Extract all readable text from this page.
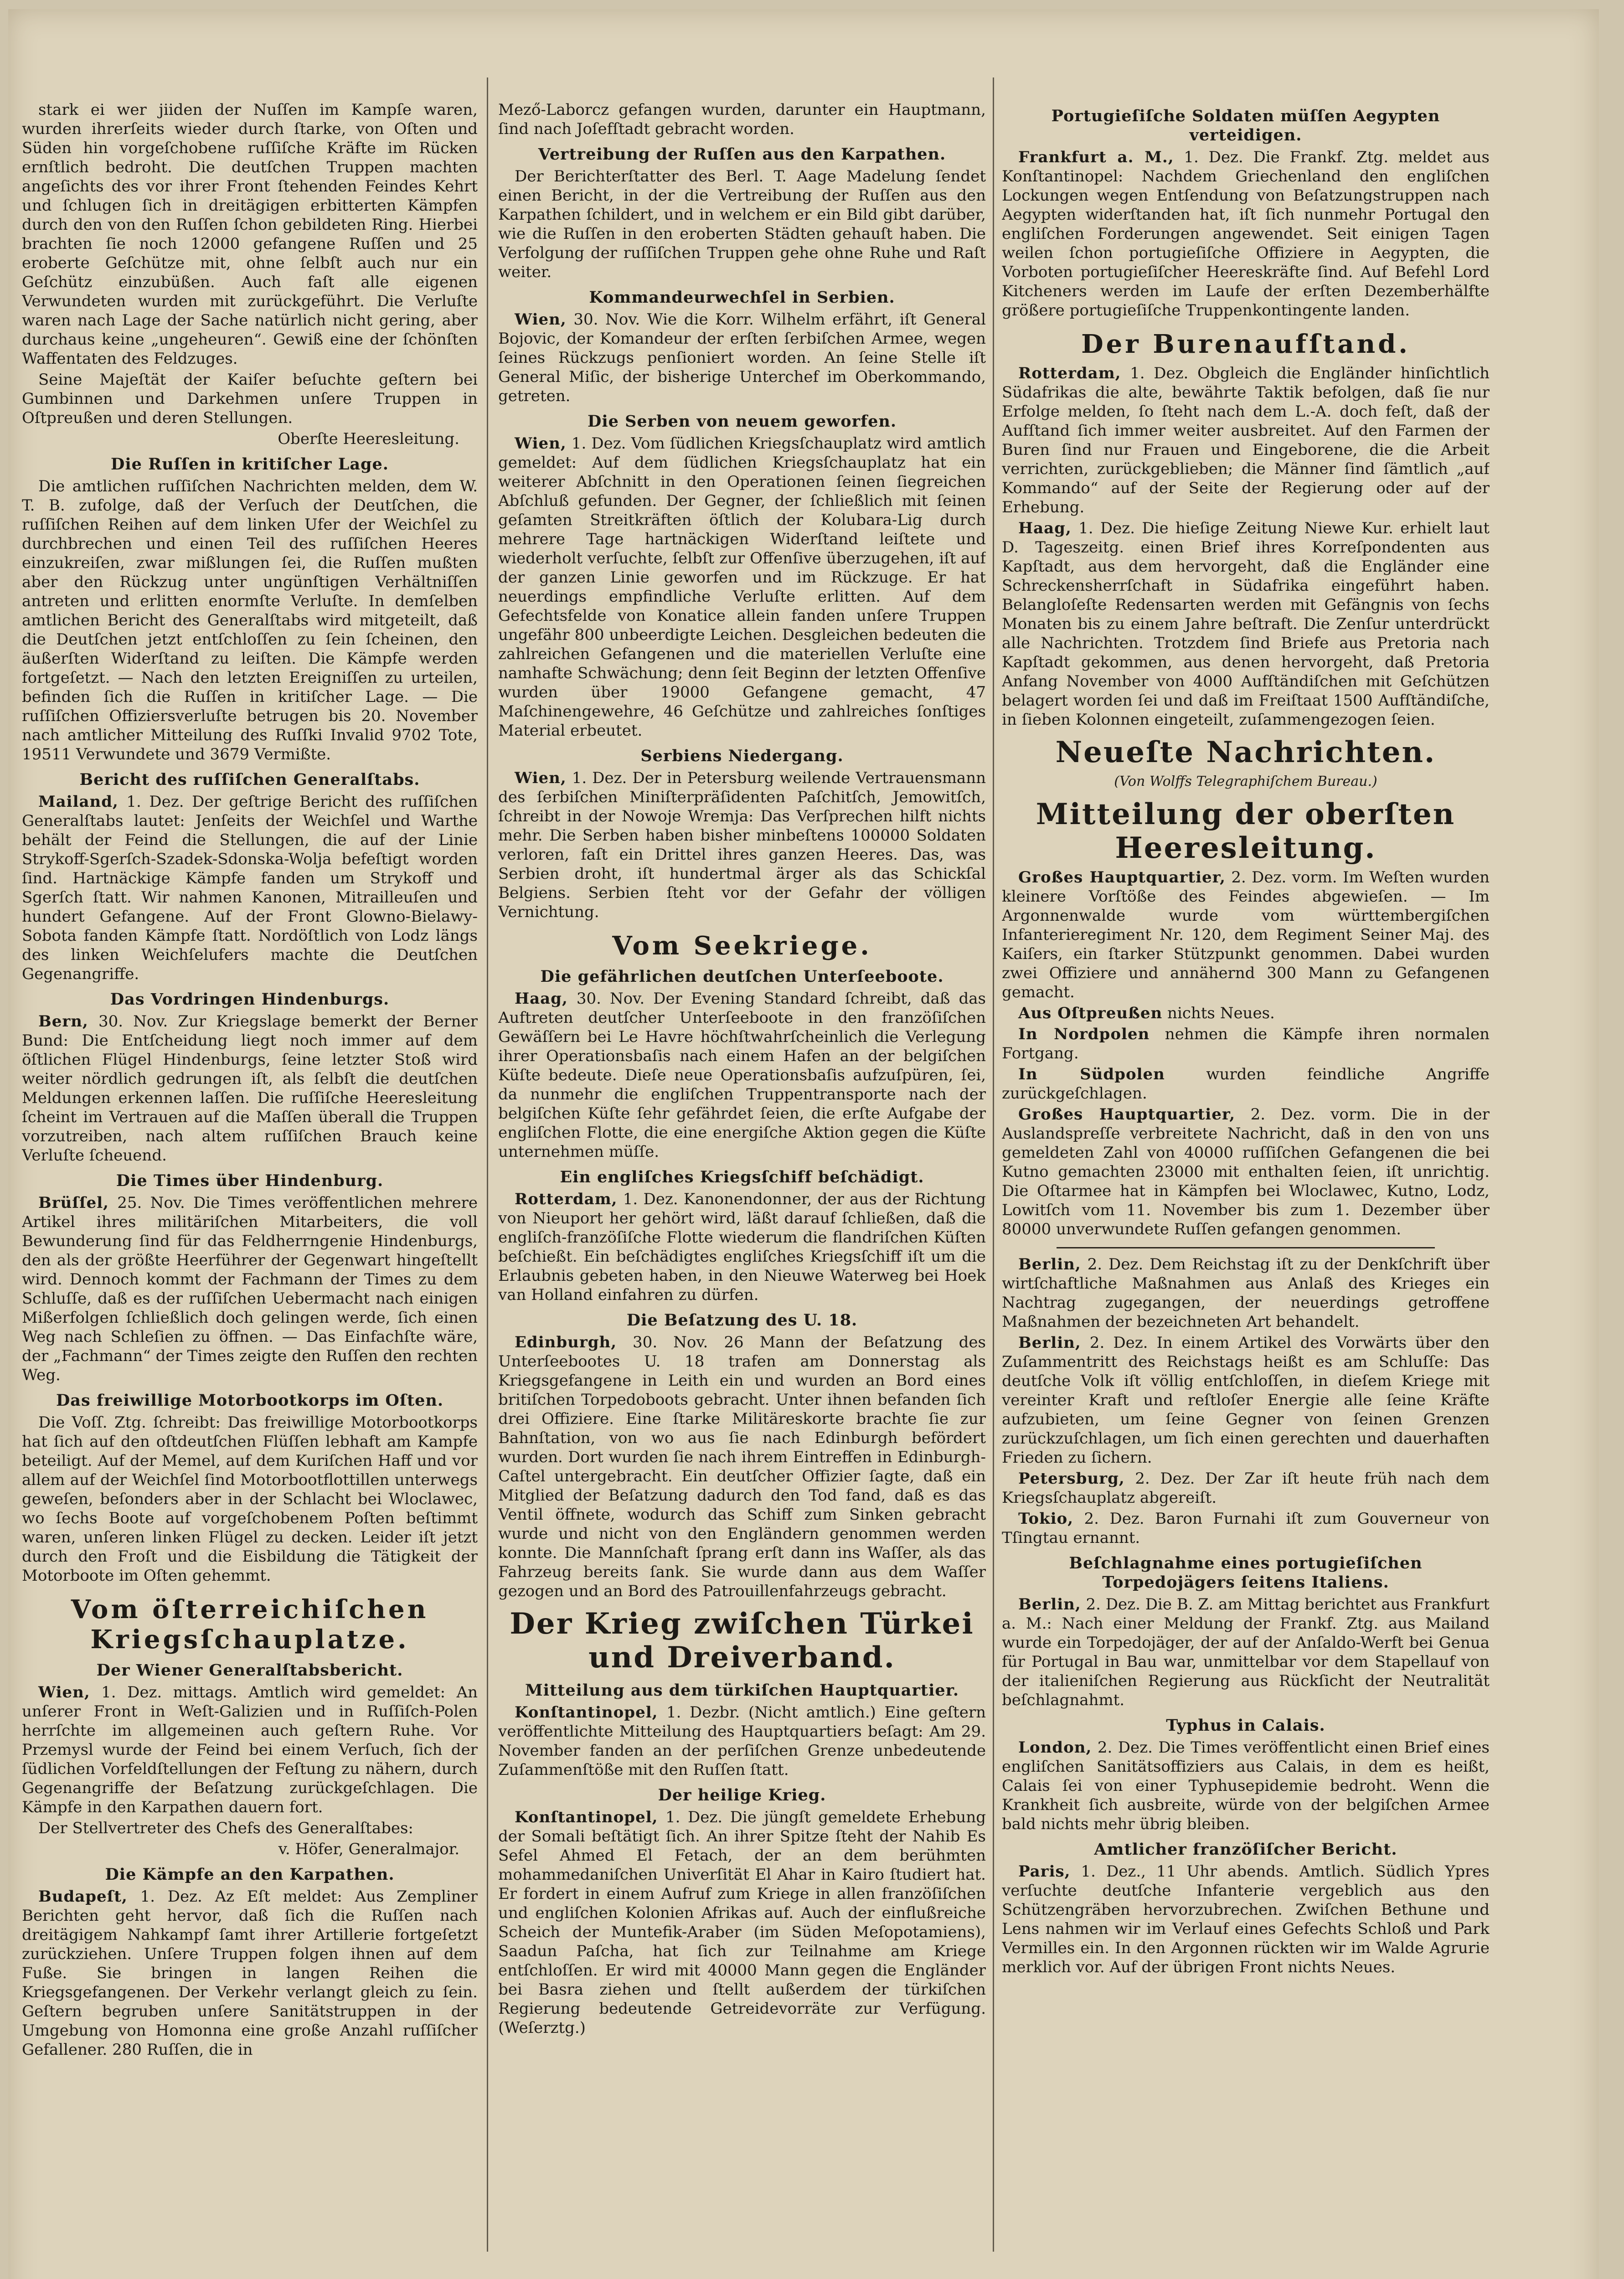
stark ei wer jiiden der Nuſſen im Kampſe waren, wurden ihrerſeits wieder durch ſtarke, von Oſten und Süden hin vorgeſchobene ruſſiſche Kräfte im Rücken ernſtlich bedroht. Die deutſchen Truppen machten angeſichts des vor ihrer Front ſtehenden Feindes Kehrt und ſchlugen ſich in dreitägigen erbitterten Kämpfen durch den von den Ruſſen ſchon gebildeten Ring. Hierbei brachten ſie noch 12000 gefangene Ruſſen und 25 eroberte Geſchütze mit, ohne ſelbſt auch nur ein Geſchütz einzubüßen. Auch faſt alle eigenen Verwundeten wurden mit zurückgeführt. Die Verluſte waren nach Lage der Sache natürlich nicht gering, aber durchaus keine „ungeheuren“. Gewiß eine der ſchönſten Waffentaten des Feldzuges.

Seine Majeſtät der Kaiſer beſuchte geſtern bei Gumbinnen und Darkehmen unſere Truppen in Oſtpreußen und deren Stellungen.

Oberſte Heeresleitung.
Die Ruſſen in kritiſcher Lage.

Die amtlichen ruſſiſchen Nachrichten melden, dem W. T. B. zufolge, daß der Verſuch der Deutſchen, die ruſſiſchen Reihen auf dem linken Ufer der Weichſel zu durchbrechen und einen Teil des ruſſiſchen Heeres einzukreiſen, zwar mißlungen ſei, die Ruſſen mußten aber den Rückzug unter ungünſtigen Verhältniſſen antreten und erlitten enormſte Verluſte. In demſelben amtlichen Bericht des Generalſtabs wird mitgeteilt, daß die Deutſchen jetzt entſchloſſen zu ſein ſcheinen, den äußerſten Widerſtand zu leiſten. Die Kämpfe werden fortgeſetzt. — Nach den letzten Ereigniſſen zu urteilen, befinden ſich die Ruſſen in kritiſcher Lage. — Die ruſſiſchen Offiziersverluſte betrugen bis 20. November nach amtlicher Mitteilung des Ruſſki Invalid 9702 Tote, 19511 Verwundete und 3679 Vermißte.

Bericht des ruſſiſchen Generalſtabs.

Mailand, 1. Dez. Der geſtrige Bericht des ruſſiſchen Generalſtabs lautet: Jenſeits der Weichſel und Warthe behält der Feind die Stellungen, die auf der Linie Strykoff-Sgerſch-Szadek-Sdonska-Wolja befeſtigt worden ſind. Hartnäckige Kämpfe fanden um Strykoff und Sgerſch ſtatt. Wir nahmen Kanonen, Mitrailleuſen und hundert Gefangene. Auf der Front Glowno-Bielawy-Sobota fanden Kämpfe ſtatt. Nordöſtlich von Lodz längs des linken Weichſelufers machte die Deutſchen Gegenangriffe.

Das Vordringen Hindenburgs.

Bern, 30. Nov. Zur Kriegslage bemerkt der Berner Bund: Die Entſcheidung liegt noch immer auf dem öſtlichen Flügel Hindenburgs, ſeine letzter Stoß wird weiter nördlich gedrungen iſt, als ſelbſt die deutſchen Meldungen erkennen laſſen. Die ruſſiſche Heeresleitung ſcheint im Vertrauen auf die Maſſen überall die Truppen vorzutreiben, nach altem ruſſiſchen Brauch keine Verluſte ſcheuend.

Die Times über Hindenburg.

Brüſſel, 25. Nov. Die Times veröffentlichen mehrere Artikel ihres militäriſchen Mitarbeiters, die voll Bewunderung ſind für das Feldherrngenie Hindenburgs, den als der größte Heerführer der Gegenwart hingeſtellt wird. Dennoch kommt der Fachmann der Times zu dem Schluſſe, daß es der ruſſiſchen Uebermacht nach einigen Mißerfolgen ſchließlich doch gelingen werde, ſich einen Weg nach Schleſien zu öffnen. — Das Einfachſte wäre, der „Fachmann“ der Times zeigte den Ruſſen den rechten Weg.

Das freiwillige Motorbootkorps im Oſten.

Die Voſſ. Ztg. ſchreibt: Das freiwillige Motorbootkorps hat ſich auf den oſtdeutſchen Flüſſen lebhaft am Kampfe beteiligt. Auf der Memel, auf dem Kuriſchen Haff und vor allem auf der Weichſel ſind Motorbootflottillen unterwegs geweſen, beſonders aber in der Schlacht bei Wloclawec, wo ſechs Boote auf vorgeſchobenem Poſten beſtimmt waren, unſeren linken Flügel zu decken. Leider iſt jetzt durch den Froſt und die Eisbildung die Tätigkeit der Motorboote im Oſten gehemmt.

Vom öſterreichiſchen Kriegsſchauplatze.
Der Wiener Generalſtabsbericht.

Wien, 1. Dez. mittags. Amtlich wird gemeldet: An unſerer Front in Weſt-Galizien und in Ruſſiſch-Polen herrſchte im allgemeinen auch geſtern Ruhe. Vor Przemysl wurde der Feind bei einem Verſuch, ſich der ſüdlichen Vorfeldſtellungen der Feſtung zu nähern, durch Gegenangriffe der Beſatzung zurückgeſchlagen. Die Kämpfe in den Karpathen dauern fort.

Der Stellvertreter des Chefs des Generalſtabes:

v. Höfer, Generalmajor.
Die Kämpfe an den Karpathen.

Budapeſt, 1. Dez. Az Eſt meldet: Aus Zempliner Berichten geht hervor, daß ſich die Ruſſen nach dreitägigem Nahkampf ſamt ihrer Artillerie fortgeſetzt zurückziehen. Unſere Truppen folgen ihnen auf dem Fuße. Sie bringen in langen Reihen die Kriegsgefangenen. Der Verkehr verlangt gleich zu ſein. Geſtern begruben unſere Sanitätstruppen in der Umgebung von Homonna eine große Anzahl ruſſiſcher Gefallener. 280 Ruſſen, die in

Mező-Laborcz gefangen wurden, darunter ein Hauptmann, ſind nach Joſefſtadt gebracht worden.

Vertreibung der Ruſſen aus den Karpathen.

Der Berichterſtatter des Berl. T. Aage Madelung ſendet einen Bericht, in der die Vertreibung der Ruſſen aus den Karpathen ſchildert, und in welchem er ein Bild gibt darüber, wie die Ruſſen in den eroberten Städten gehauſt haben. Die Verfolgung der ruſſiſchen Truppen gehe ohne Ruhe und Raſt weiter.

Kommandeurwechſel in Serbien.

Wien, 30. Nov. Wie die Korr. Wilhelm erfährt, iſt General Bojovic, der Komandeur der erſten ſerbiſchen Armee, wegen ſeines Rückzugs penſioniert worden. An ſeine Stelle iſt General Miſic, der bisherige Unterchef im Oberkommando, getreten.

Die Serben von neuem geworfen.

Wien, 1. Dez. Vom ſüdlichen Kriegsſchauplatz wird amtlich gemeldet: Auf dem ſüdlichen Kriegsſchauplatz hat ein weiterer Abſchnitt in den Operationen ſeinen ſiegreichen Abſchluß gefunden. Der Gegner, der ſchließlich mit ſeinen geſamten Streitkräften öſtlich der Kolubara-Lig durch mehrere Tage hartnäckigen Widerſtand leiſtete und wiederholt verſuchte, ſelbſt zur Offenſive überzugehen, iſt auf der ganzen Linie geworfen und im Rückzuge. Er hat neuerdings empfindliche Verluſte erlitten. Auf dem Gefechtsfelde von Konatice allein fanden unſere Truppen ungefähr 800 unbeerdigte Leichen. Desgleichen bedeuten die zahlreichen Gefangenen und die materiellen Verluſte eine namhafte Schwächung; denn ſeit Beginn der letzten Offenſive wurden über 19000 Gefangene gemacht, 47 Maſchinengewehre, 46 Geſchütze und zahlreiches ſonſtiges Material erbeutet.

Serbiens Niedergang.

Wien, 1. Dez. Der in Petersburg weilende Vertrauensmann des ſerbiſchen Miniſterpräſidenten Paſchitſch, Jemowitſch, ſchreibt in der Nowoje Wremja: Das Verſprechen hilft nichts mehr. Die Serben haben bisher minbeſtens 100000 Soldaten verloren, faſt ein Drittel ihres ganzen Heeres. Das, was Serbien droht, iſt hundertmal ärger als das Schickſal Belgiens. Serbien ſteht vor der Gefahr der völligen Vernichtung.

Vom Seekriege.
Die gefährlichen deutſchen Unterſeeboote.

Haag, 30. Nov. Der Evening Standard ſchreibt, daß das Auftreten deutſcher Unterſeeboote in den franzöſiſchen Gewäſſern bei Le Havre höchſtwahrſcheinlich die Verlegung ihrer Operationsbaſis nach einem Hafen an der belgiſchen Küſte bedeute. Dieſe neue Operationsbaſis aufzuſpüren, ſei, da nunmehr die engliſchen Truppentransporte nach der belgiſchen Küſte ſehr gefährdet ſeien, die erſte Aufgabe der engliſchen Flotte, die eine energiſche Aktion gegen die Küſte unternehmen müſſe.

Ein engliſches Kriegsſchiff beſchädigt.

Rotterdam, 1. Dez. Kanonendonner, der aus der Richtung von Nieuport her gehört wird, läßt darauf ſchließen, daß die engliſch-franzöſiſche Flotte wiederum die flandriſchen Küſten beſchießt. Ein beſchädigtes engliſches Kriegsſchiff iſt um die Erlaubnis gebeten haben, in den Nieuwe Waterweg bei Hoek van Holland einfahren zu dürfen.

Die Beſatzung des U. 18.

Edinburgh, 30. Nov. 26 Mann der Beſatzung des Unterſeebootes U. 18 trafen am Donnerstag als Kriegsgefangene in Leith ein und wurden an Bord eines britiſchen Torpedoboots gebracht. Unter ihnen befanden ſich drei Offiziere. Eine ſtarke Militäreskorte brachte ſie zur Bahnſtation, von wo aus ſie nach Edinburgh befördert wurden. Dort wurden ſie nach ihrem Eintreffen in Edinburgh-Caſtel untergebracht. Ein deutſcher Offizier ſagte, daß ein Mitglied der Beſatzung dadurch den Tod fand, daß es das Ventil öffnete, wodurch das Schiff zum Sinken gebracht wurde und nicht von den Engländern genommen werden konnte. Die Mannſchaft ſprang erſt dann ins Waſſer, als das Fahrzeug bereits ſank. Sie wurde dann aus dem Waſſer gezogen und an Bord des Patrouillenfahrzeugs gebracht.

Der Krieg zwiſchen Türkei und Dreiverband.
Mitteilung aus dem türkiſchen Hauptquartier.

Konſtantinopel, 1. Dezbr. (Nicht amtlich.) Eine geſtern veröffentlichte Mitteilung des Hauptquartiers beſagt: Am 29. November fanden an der perſiſchen Grenze unbedeutende Zuſammenſtöße mit den Ruſſen ſtatt.

Der heilige Krieg.

Konſtantinopel, 1. Dez. Die jüngſt gemeldete Erhebung der Somali beſtätigt ſich. An ihrer Spitze ſteht der Nahib Es Sefel Ahmed El Fetach, der an dem berühmten mohammedaniſchen Univerſität El Ahar in Kairo ſtudiert hat. Er fordert in einem Aufruf zum Kriege in allen franzöſiſchen und engliſchen Kolonien Afrikas auf. Auch der einflußreiche Scheich der Muntefik-Araber (im Süden Meſopotamiens), Saadun Paſcha, hat ſich zur Teilnahme am Kriege entſchloſſen. Er wird mit 40000 Mann gegen die Engländer bei Basra ziehen und ſtellt außerdem der türkiſchen Regierung bedeutende Getreidevorräte zur Verfügung. (Weſerztg.)

Portugieſiſche Soldaten müſſen Aegypten verteidigen.

Frankfurt a. M., 1. Dez. Die Frankf. Ztg. meldet aus Konſtantinopel: Nachdem Griechenland den engliſchen Lockungen wegen Entſendung von Beſatzungstruppen nach Aegypten widerſtanden hat, iſt ſich nunmehr Portugal den engliſchen Forderungen angewendet. Seit einigen Tagen weilen ſchon portugieſiſche Offiziere in Aegypten, die Vorboten portugieſiſcher Heereskräfte ſind. Auf Befehl Lord Kitcheners werden im Laufe der erſten Dezemberhälfte größere portugieſiſche Truppenkontingente landen.

Der Burenaufſtand.

Rotterdam, 1. Dez. Obgleich die Engländer hinſichtlich Südafrikas die alte, bewährte Taktik befolgen, daß ſie nur Erfolge melden, ſo ſteht nach dem L.-A. doch feſt, daß der Aufſtand ſich immer weiter ausbreitet. Auf den Farmen der Buren ſind nur Frauen und Eingeborene, die die Arbeit verrichten, zurückgeblieben; die Männer ſind ſämtlich „auf Kommando“ auf der Seite der Regierung oder auf der Erhebung.

Haag, 1. Dez. Die hieſige Zeitung Niewe Kur. erhielt laut D. Tageszeitg. einen Brief ihres Korreſpondenten aus Kapſtadt, aus dem hervorgeht, daß die Engländer eine Schreckensherrſchaft in Südafrika eingeführt haben. Belangloſeſte Redensarten werden mit Gefängnis von ſechs Monaten bis zu einem Jahre beſtraft. Die Zenſur unterdrückt alle Nachrichten. Trotzdem ſind Briefe aus Pretoria nach Kapſtadt gekommen, aus denen hervorgeht, daß Pretoria Anfang November von 4000 Aufſtändiſchen mit Geſchützen belagert worden ſei und daß im Freiſtaat 1500 Aufſtändiſche, in ſieben Kolonnen eingeteilt, zuſammengezogen ſeien.

Neueſte Nachrichten.
(Von Wolffs Telegraphiſchem Bureau.)
Mitteilung der oberſten Heeresleitung.

Großes Hauptquartier, 2. Dez. vorm. Im Weſten wurden kleinere Vorſtöße des Feindes abgewieſen. — Im Argonnenwalde wurde vom württembergiſchen Infanterieregiment Nr. 120, dem Regiment Seiner Maj. des Kaiſers, ein ſtarker Stützpunkt genommen. Dabei wurden zwei Offiziere und annähernd 300 Mann zu Gefangenen gemacht.

Aus Oſtpreußen nichts Neues.

In Nordpolen nehmen die Kämpfe ihren normalen Fortgang.

In Südpolen wurden feindliche Angriffe zurückgeſchlagen.

Großes Hauptquartier, 2. Dez. vorm. Die in der Auslandspreſſe verbreitete Nachricht, daß in den von uns gemeldeten Zahl von 40000 ruſſiſchen Gefangenen die bei Kutno gemachten 23000 mit enthalten ſeien, iſt unrichtig. Die Oſtarmee hat in Kämpfen bei Wloclawec, Kutno, Lodz, Lowitſch vom 11. November bis zum 1. Dezember über 80000 unverwundete Ruſſen gefangen genommen.

Berlin, 2. Dez. Dem Reichstag iſt zu der Denkſchrift über wirtſchaftliche Maßnahmen aus Anlaß des Krieges ein Nachtrag zugegangen, der neuerdings getroffene Maßnahmen der bezeichneten Art behandelt.

Berlin, 2. Dez. In einem Artikel des Vorwärts über den Zuſammentritt des Reichstags heißt es am Schluſſe: Das deutſche Volk iſt völlig entſchloſſen, in dieſem Kriege mit vereinter Kraft und reſtloſer Energie alle ſeine Kräfte aufzubieten, um ſeine Gegner von ſeinen Grenzen zurückzuſchlagen, um ſich einen gerechten und dauerhaften Frieden zu ſichern.

Petersburg, 2. Dez. Der Zar iſt heute früh nach dem Kriegsſchauplatz abgereiſt.

Tokio, 2. Dez. Baron Furnahi iſt zum Gouverneur von Tſingtau ernannt.

Beſchlagnahme eines portugieſiſchen Torpedojägers ſeitens Italiens.

Berlin, 2. Dez. Die B. Z. am Mittag berichtet aus Frankfurt a. M.: Nach einer Meldung der Frankf. Ztg. aus Mailand wurde ein Torpedojäger, der auf der Anſaldo-Werft bei Genua für Portugal in Bau war, unmittelbar vor dem Stapellauf von der italieniſchen Regierung aus Rückſicht der Neutralität beſchlagnahmt.

Typhus in Calais.

London, 2. Dez. Die Times veröffentlicht einen Brief eines engliſchen Sanitätsoffiziers aus Calais, in dem es heißt, Calais ſei von einer Typhusepidemie bedroht. Wenn die Krankheit ſich ausbreite, würde von der belgiſchen Armee bald nichts mehr übrig bleiben.

Amtlicher franzöſiſcher Bericht.

Paris, 1. Dez., 11 Uhr abends. Amtlich. Südlich Ypres verſuchte deutſche Infanterie vergeblich aus den Schützengräben hervorzubrechen. Zwiſchen Bethune und Lens nahmen wir im Verlauf eines Gefechts Schloß und Park Vermilles ein. In den Argonnen rückten wir im Walde Agrurie merklich vor. Auf der übrigen Front nichts Neues.
